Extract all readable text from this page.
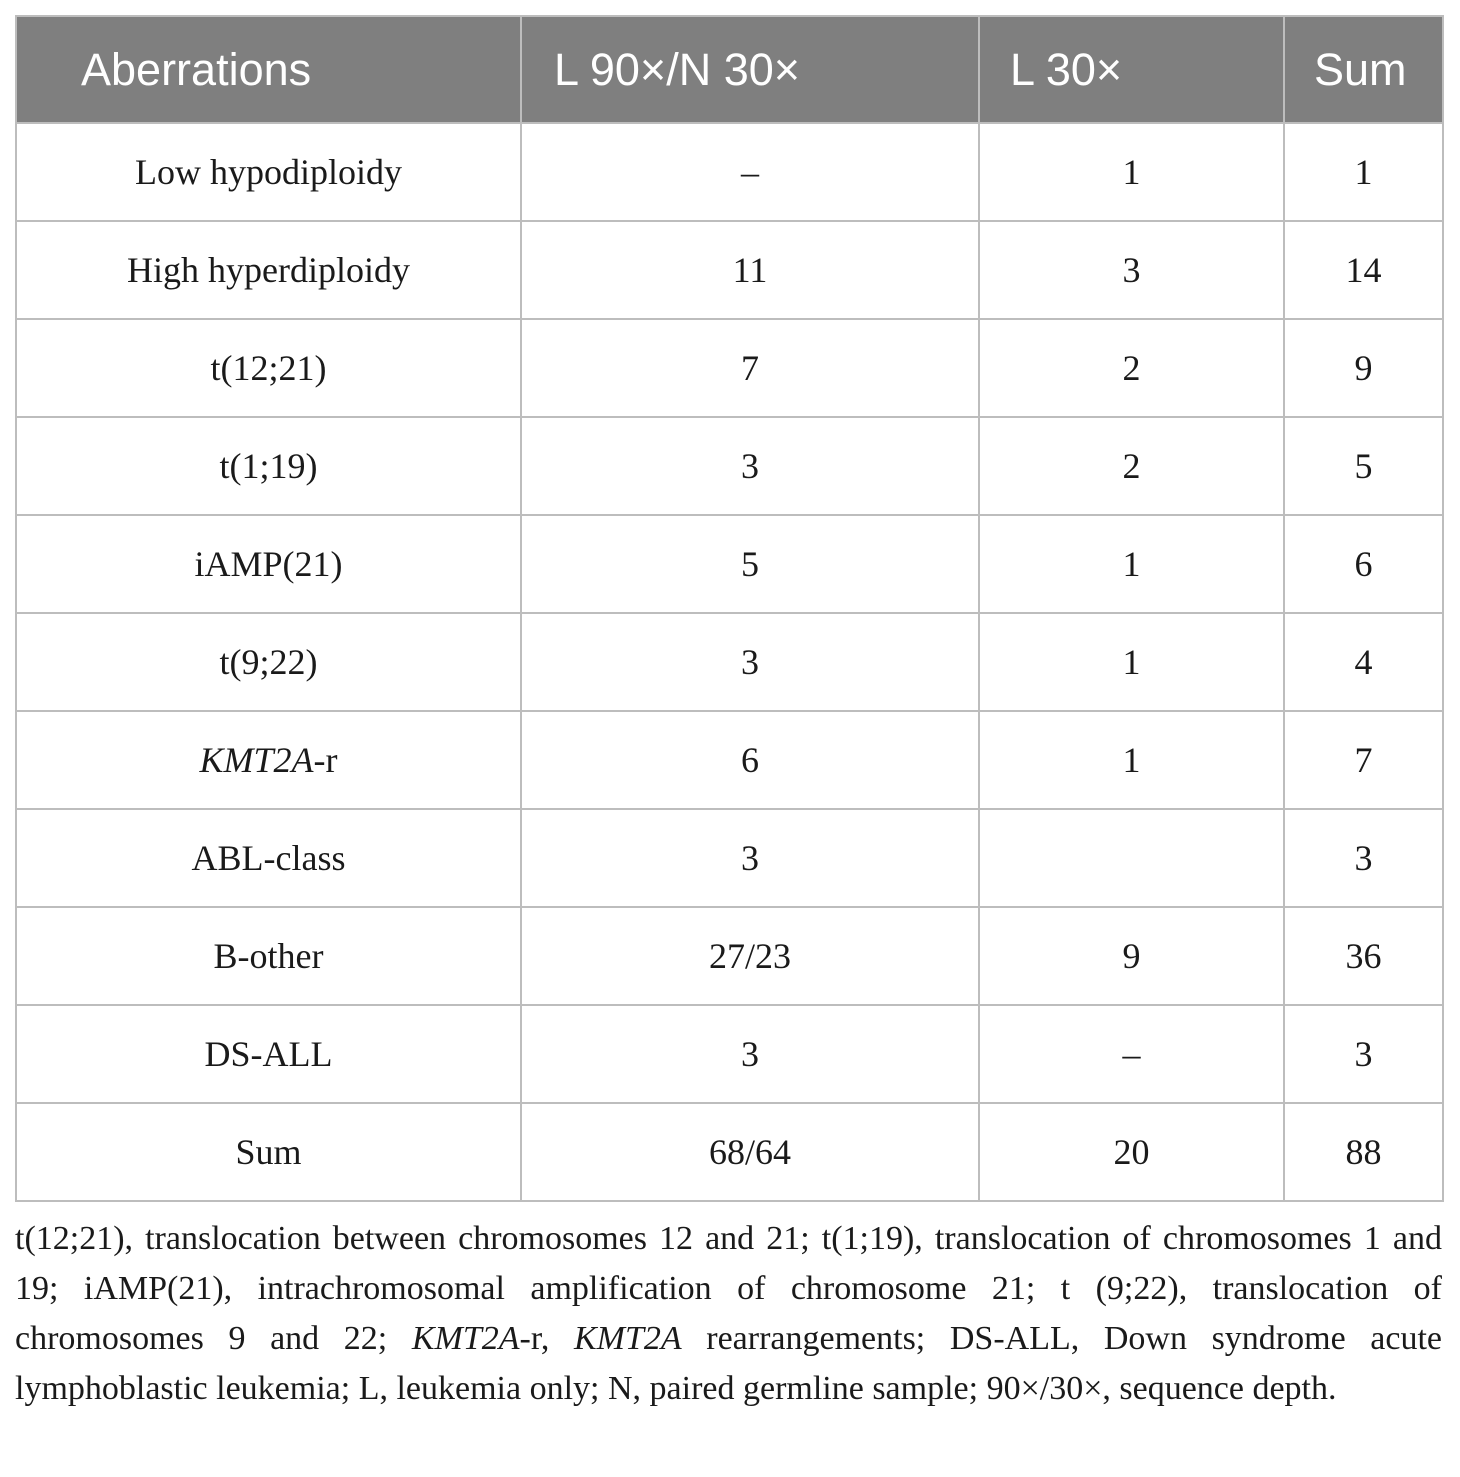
Aberrations	L 90×/N 30×	L 30×	Sum
Low hypodiploidy	–	1	1
High hyperdiploidy	11	3	14
t(12;21)	7	2	9
t(1;19)	3	2	5
iAMP(21)	5	1	6
t(9;22)	3	1	4
KMT2A-r	6	1	7
ABL-class	3		3
B-other	27/23	9	36
DS-ALL	3	–	3
Sum	68/64	20	88
t(12;21), translocation between chromosomes 12 and 21; t(1;19), translocation of chromosomes 1 and 19; iAMP(21), intrachromosomal amplification of chromosome 21; t (9;22), translocation of chromosomes 9 and 22; KMT2A-r, KMT2A rearrangements; DS-ALL, Down syndrome acute lymphoblastic leukemia; L, leukemia only; N, paired germline sample; 90×/30×, sequence depth.
